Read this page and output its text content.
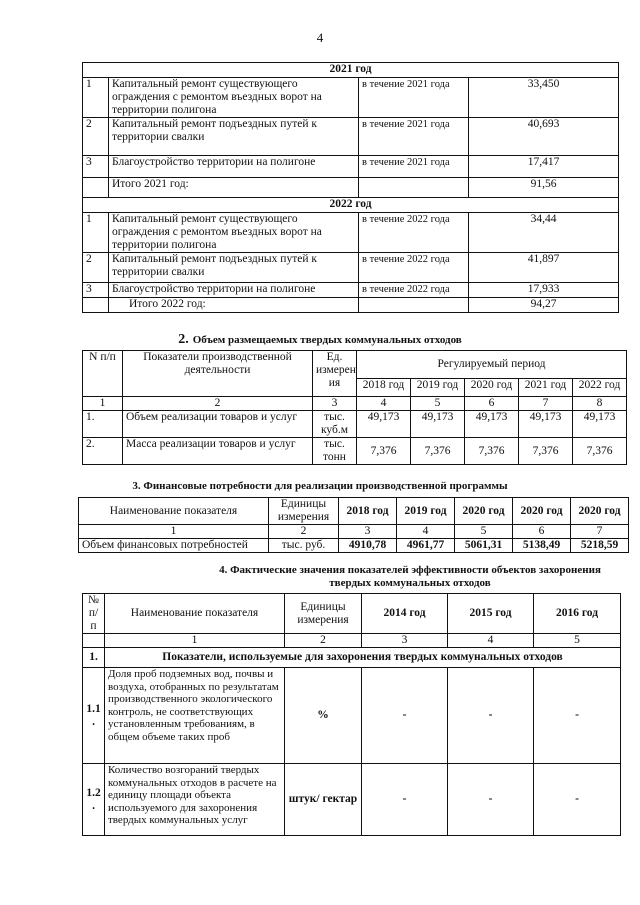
4
2021 год			
1	Капитальный ремонт существующего ограждения с ремонтом въездных ворот на территории полигона	в течение 2021 года	33,450
2	Капитальный ремонт подъездных путей к территории свалки	в течение 2021 года	40,693
3	Благоустройство территории на полигоне	в течение 2021 года	17,417
	Итого 2021 год:		91,56
2022 год			
1	Капитальный ремонт существующего ограждения с ремонтом въездных ворот на территории полигона	в течение 2022 года	34,44
2	Капитальный ремонт подъездных путей к территории свалки	в течение 2022 года	41,897
3	Благоустройство территории на полигоне	в течение 2022 года	17,933
	Итого 2022 год:		94,27
2. Объем размещаемых твердых коммунальных отходов
N п/п	Показатели производственной деятельности	Ед. измерен ия	Регулируемый период				
			2018 год	2019 год	2020 год	2021 год	2022 год
1	2	3	4	5	6	7	8
1.	Объем реализации товаров и услуг	тыс. куб.м	49,173	49,173	49,173	49,173	49,173
2.	Масса реализации товаров и услуг	тыс. тонн	7,376	7,376	7,376	7,376	7,376
3. Финансовые потребности для реализации производственной программы
Наименование показателя	Единицы измерения	2018 год	2019 год	2020 год	2020 год	2020 год
1	2	3	4	5	6	7
Объем финансовых потребностей	тыс. руб.	4910,78	4961,77	5061,31	5138,49	5218,59
4. Фактические значения показателей эффективности объектов захоронения твердых коммунальных отходов
№ п/п	Наименование показателя	Единицы измерения	2014 год	2015 год	2016 год
	1	2	3	4	5
1.	Показатели, используемые для захоронения твердых коммунальных отходов				
1.1 .	Доля проб подземных вод, почвы и воздуха, отобранных по результатам производственного экологического контроль, не соответствующих установленным требованиям, в общем объеме таких проб	%	-	-	-
1.2 .	Количество возгораний твердых коммунальных отходов в расчете на единицу площади объекта используемого для захоронения твердых коммунальных услуг	штук/ гектар	-	-	-
